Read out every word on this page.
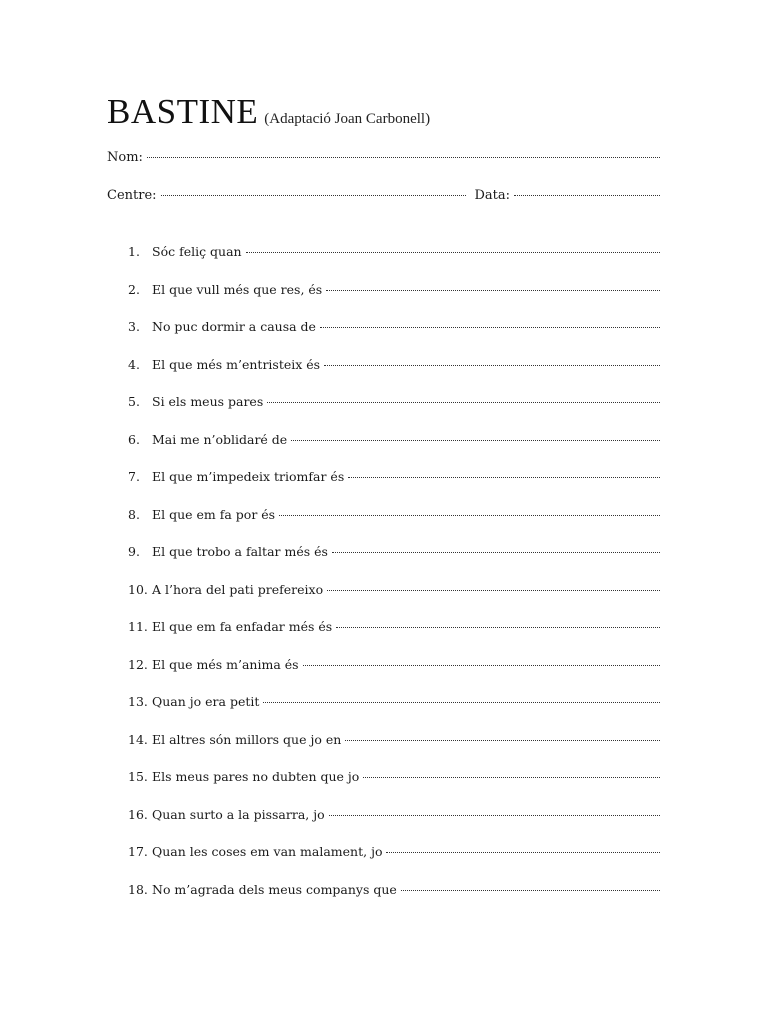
BASTINE (Adaptació Joan Carbonell)
Nom:
Centre:	Data:
1. Sóc feliç quan
2. El que vull més que res, és
3. No puc dormir a causa de
4. El que més m’entristeix és
5. Si els meus pares
6. Mai me n’oblidaré de
7. El que m’impedeix triomfar és
8. El que em fa por és
9. El que trobo a faltar més és
10. A l’hora del pati prefereixo
11. El que em fa enfadar més és
12. El que més m’anima és
13. Quan jo era petit
14. El altres són millors que jo en
15. Els meus pares no dubten que jo
16. Quan surto a la pissarra, jo
17. Quan les coses em van malament, jo
18. No m’agrada dels meus companys que
